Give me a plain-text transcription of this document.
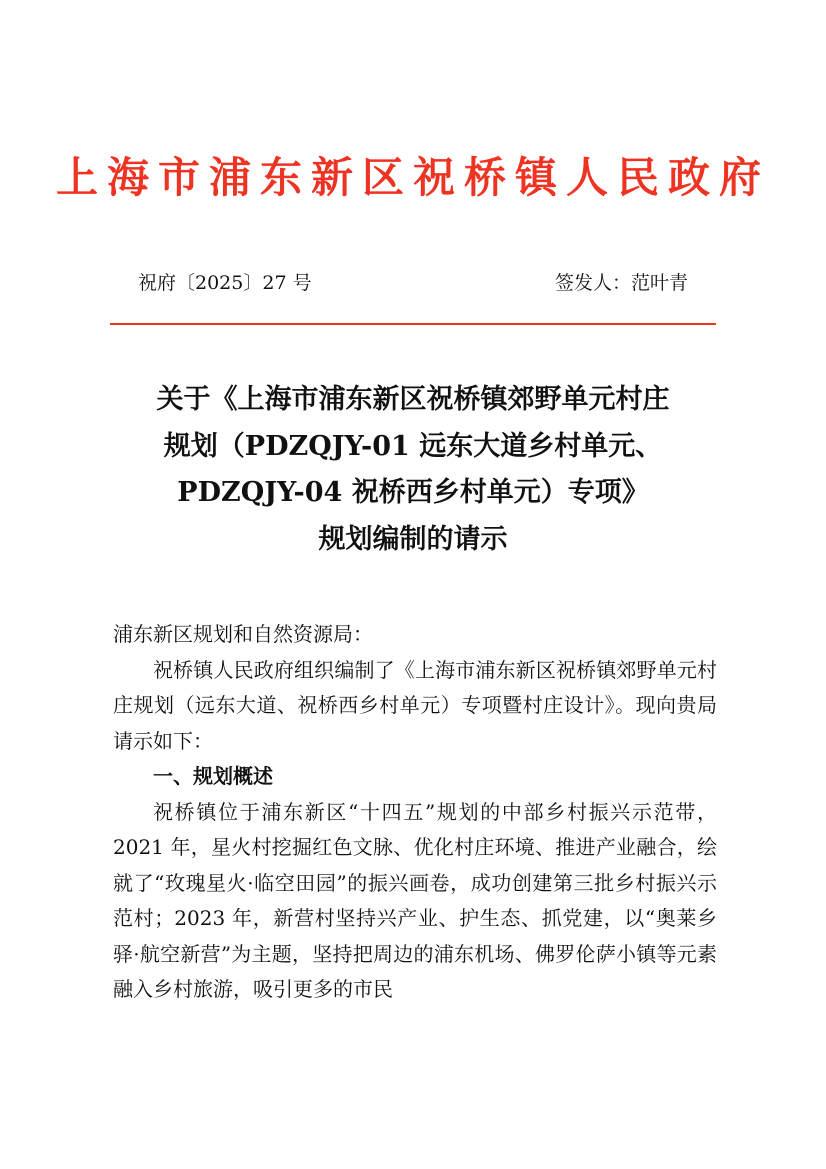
上海市浦东新区祝桥镇人民政府
祝府〔2025〕27 号	签发人：范叶青
关于《上海市浦东新区祝桥镇郊野单元村庄
规划（PDZQJY-01 远东大道乡村单元、
PDZQJY-04 祝桥西乡村单元）专项》
规划编制的请示

浦东新区规划和自然资源局：

祝桥镇人民政府组织编制了《上海市浦东新区祝桥镇郊野单元村庄规划（远东大道、祝桥西乡村单元）专项暨村庄设计》。现向贵局请示如下：

一、规划概述

祝桥镇位于浦东新区“十四五”规划的中部乡村振兴示范带，2021 年，星火村挖掘红色文脉、优化村庄环境、推进产业融合，绘就了“玫瑰星火·临空田园”的振兴画卷，成功创建第三批乡村振兴示范村；2023 年，新营村坚持兴产业、护生态、抓党建，以“奥莱乡驿·航空新营”为主题，坚持把周边的浦东机场、佛罗伦萨小镇等元素融入乡村旅游，吸引更多的市民
